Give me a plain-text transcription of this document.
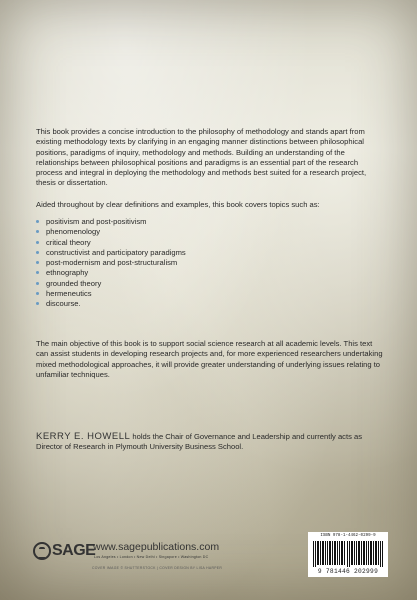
This book provides a concise introduction to the philosophy of methodology and stands apart from existing methodology texts by clarifying in an engaging manner distinctions between philosophical positions, paradigms of inquiry, methodology and methods. Building an understanding of the relationships between philosophical positions and paradigms is an essential part of the research process and integral in deploying the methodology and methods best suited for a research project, thesis or dissertation.

Aided throughout by clear definitions and examples, this book covers topics such as:

positivism and post-positivism
phenomenology
critical theory
constructivist and participatory paradigms
post-modernism and post-structuralism
ethnography
grounded theory
hermeneutics
discourse.

The main objective of this book is to support social science research at all academic levels. This text can assist students in developing research projects and, for more experienced researchers undertaking mixed methodological approaches, it will provide greater understanding of underlying issues relating to unfamiliar techniques.

KERRY E. HOWELL holds the Chair of Governance and Leadership and currently acts as Director of Research in Plymouth University Business School.

SAGE
www.sagepublications.com
Los Angeles • London • New Delhi • Singapore • Washington DC
COVER IMAGE © SHUTTERSTOCK | COVER DESIGN BY LISA HARPER
ISBN 978-1-4462-0299-9
9 781446 202999
